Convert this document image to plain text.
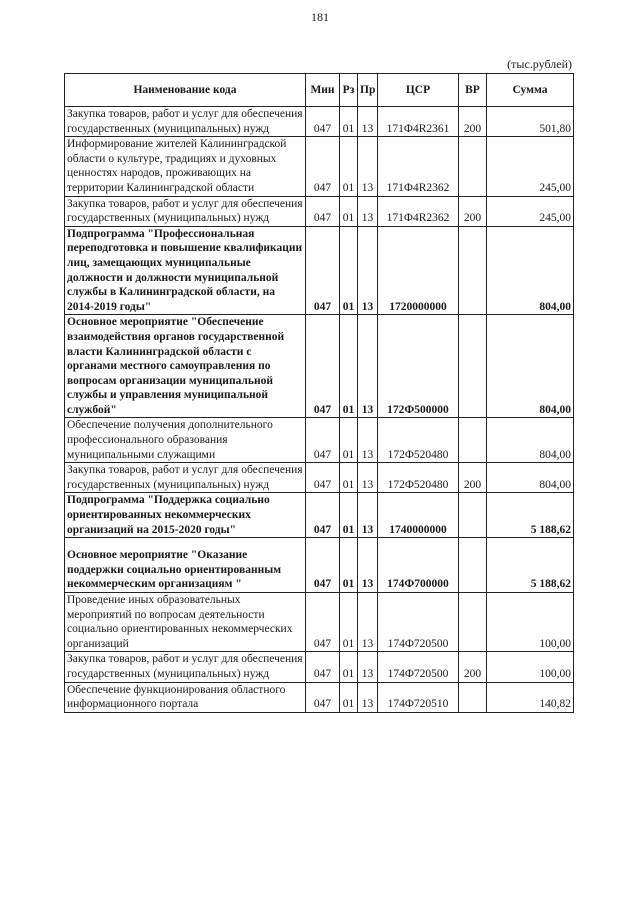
181
(тыс.рублей)
Наименование кода	Мин	Рз	Пр	ЦСР	ВР	Сумма
Закупка товаров, работ и услуг для обеспечения государственных (муниципальных) нужд	047	01	13	171Ф4R2361	200	501,80
Информирование жителей Калининградской области о культуре, традициях и духовных ценностях народов, проживающих на территории Калининградской области	047	01	13	171Ф4R2362		245,00
Закупка товаров, работ и услуг для обеспечения государственных (муниципальных) нужд	047	01	13	171Ф4R2362	200	245,00
Подпрограмма "Профессиональная переподготовка и повышение квалификации лиц, замещающих муниципальные должности и должности муниципальной службы в Калининградской области, на 2014-2019 годы"	047	01	13	1720000000		804,00
Основное мероприятие "Обеспечение взаимодействия органов государственной власти Калининградской области с органами местного самоуправления по вопросам организации муниципальной службы и управления муниципальной службой"	047	01	13	172Ф500000		804,00
Обеспечение получения дополнительного профессионального образования муниципальными служащими	047	01	13	172Ф520480		804,00
Закупка товаров, работ и услуг для обеспечения государственных (муниципальных) нужд	047	01	13	172Ф520480	200	804,00
Подпрограмма "Поддержка социально ориентированных некоммерческих организаций на 2015-2020 годы"	047	01	13	1740000000		5 188,62
Основное мероприятие "Оказание поддержки социально ориентированным некоммерческим организациям "	047	01	13	174Ф700000		5 188,62
Проведение иных образовательных мероприятий по вопросам деятельности социально ориентированных некоммерческих организаций	047	01	13	174Ф720500		100,00
Закупка товаров, работ и услуг для обеспечения государственных (муниципальных) нужд	047	01	13	174Ф720500	200	100,00
Обеспечение функционирования областного информационного портала	047	01	13	174Ф720510		140,82
